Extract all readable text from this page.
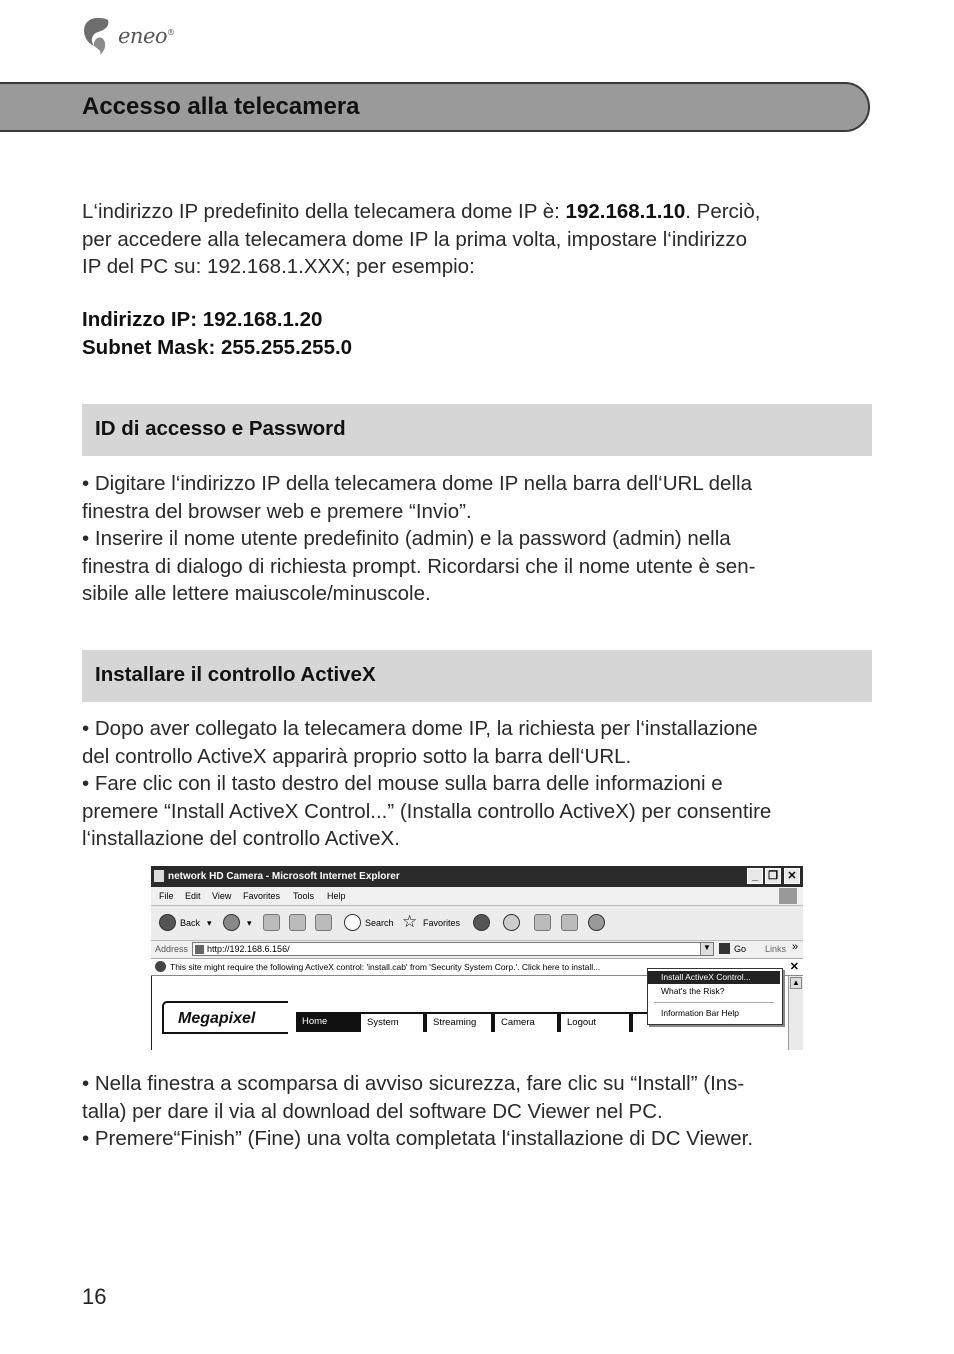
eneo®
Accesso alla telecamera
L‘indirizzo IP predefinito della telecamera dome IP è: 192.168.1.10. Perciò,
per accedere alla telecamera dome IP la prima volta, impostare l‘indirizzo
IP del PC su: 192.168.1.XXX; per esempio:
Indirizzo IP: 192.168.1.20
Subnet Mask: 255.255.255.0
ID di accesso e Password
• Digitare l‘indirizzo IP della telecamera dome IP nella barra dell‘URL della
finestra del browser web e premere “Invio”.
• Inserire il nome utente predefinito (admin) e la password (admin) nella
finestra di dialogo di richiesta prompt. Ricordarsi che il nome utente è sen-
sibile alle lettere maiuscole/minuscole.
Installare il controllo ActiveX
• Dopo aver collegato la telecamera dome IP, la richiesta per l‘installazione
del controllo ActiveX apparirà proprio sotto la barra dell‘URL.
• Fare clic con il tasto destro del mouse sulla barra delle informazioni e
premere “Install ActiveX Control...” (Installa controllo ActiveX) per consentire
l‘installazione del controllo ActiveX.
network HD Camera - Microsoft Internet Explorer	_ ❐ ✕
File Edit View Favorites Tools Help
Back ▾	▾	Search ☆ Favorites
Address http://192.168.6.156/	▼	Go Links »
This site might require the following ActiveX control: 'install.cab' from 'Security System Corp.'. Click here to install...	✕
Megapixel	Home	System	Streaming	Camera	Logout
▲
Install ActiveX Control...
What's the Risk?
Information Bar Help
• Nella finestra a scomparsa di avviso sicurezza, fare clic su “Install” (Ins-
talla) per dare il via al download del software DC Viewer nel PC.
• Premere“Finish” (Fine) una volta completata l‘installazione di DC Viewer.
16
